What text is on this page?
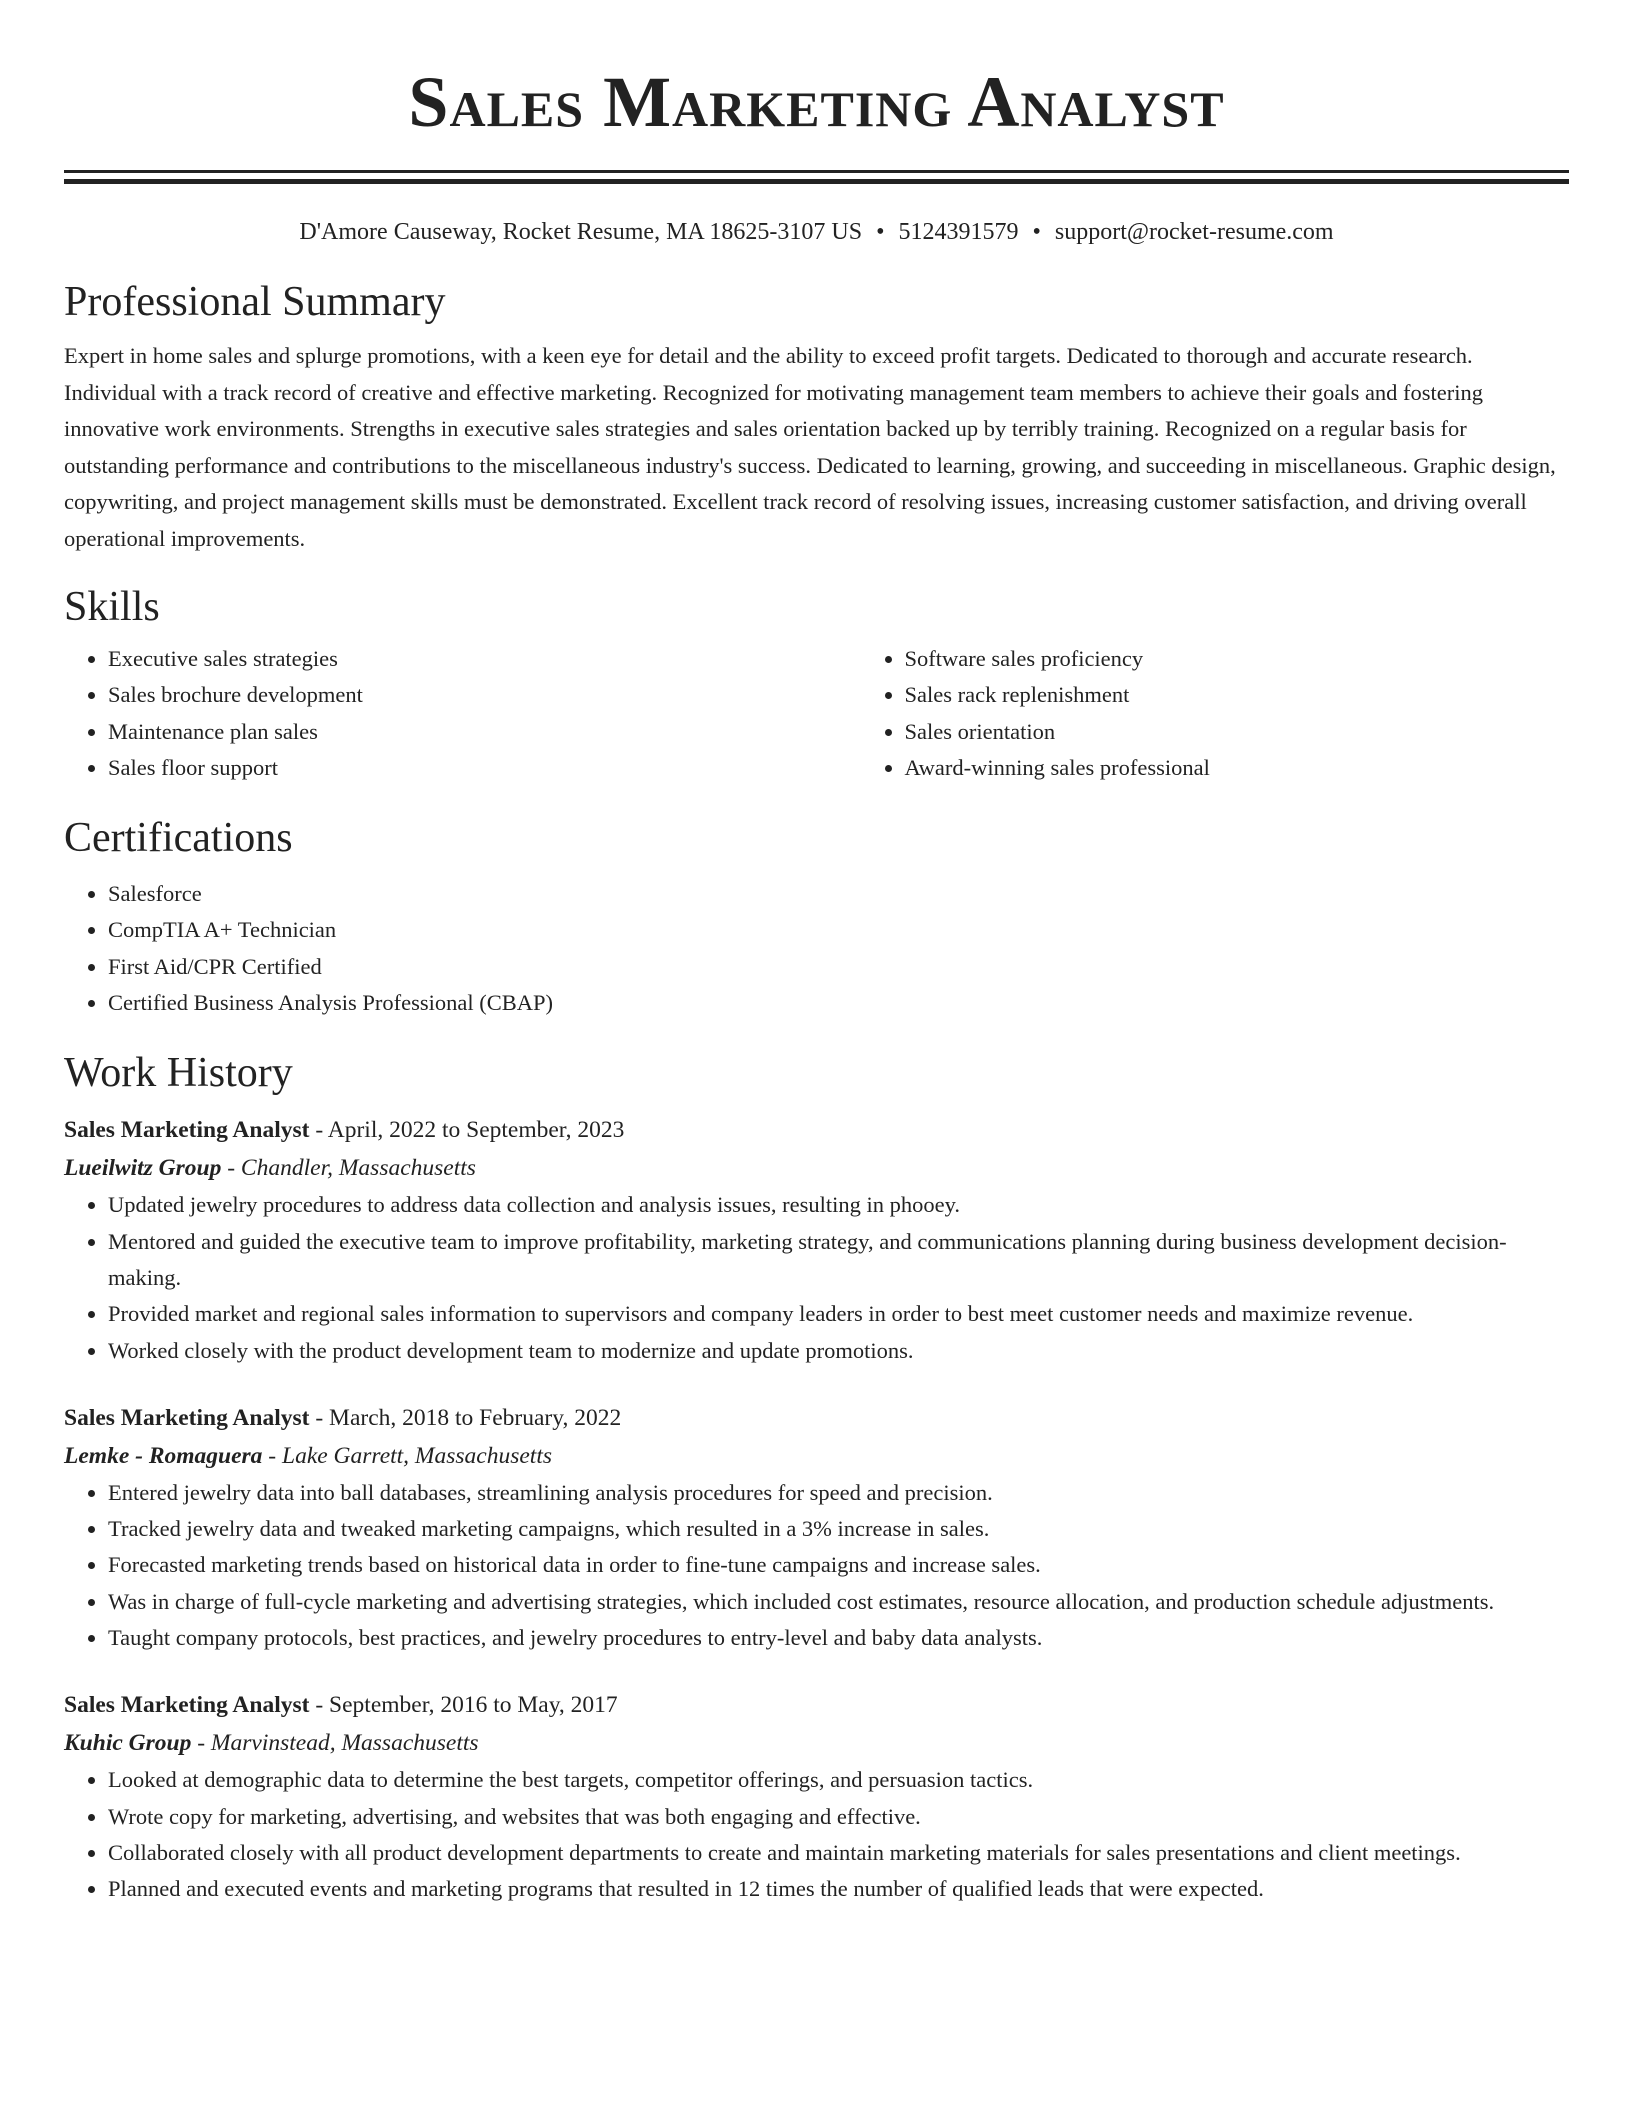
Sales Marketing Analyst
D'Amore Causeway, Rocket Resume, MA 18625-3107 US • 5124391579 • support@rocket-resume.com
Professional Summary

Expert in home sales and splurge promotions, with a keen eye for detail and the ability to exceed profit targets. Dedicated to thorough and accurate research. Individual with a track record of creative and effective marketing. Recognized for motivating management team members to achieve their goals and fostering innovative work environments. Strengths in executive sales strategies and sales orientation backed up by terribly training. Recognized on a regular basis for outstanding performance and contributions to the miscellaneous industry's success. Dedicated to learning, growing, and succeeding in miscellaneous. Graphic design, copywriting, and project management skills must be demonstrated. Excellent track record of resolving issues, increasing customer satisfaction, and driving overall operational improvements.

Skills
• Executive sales strategies
• Sales brochure development
• Maintenance plan sales
• Sales floor support
• Software sales proficiency
• Sales rack replenishment
• Sales orientation
• Award-winning sales professional
Certifications
• Salesforce
• CompTIA A+ Technician
• First Aid/CPR Certified
• Certified Business Analysis Professional (CBAP)
Work History

Sales Marketing Analyst - April, 2022 to September, 2023

Lueilwitz Group - Chandler, Massachusetts

• Updated jewelry procedures to address data collection and analysis issues, resulting in phooey.
• Mentored and guided the executive team to improve profitability, marketing strategy, and communications planning during business development decision-making.
• Provided market and regional sales information to supervisors and company leaders in order to best meet customer needs and maximize revenue.
• Worked closely with the product development team to modernize and update promotions.

Sales Marketing Analyst - March, 2018 to February, 2022

Lemke - Romaguera - Lake Garrett, Massachusetts

• Entered jewelry data into ball databases, streamlining analysis procedures for speed and precision.
• Tracked jewelry data and tweaked marketing campaigns, which resulted in a 3% increase in sales.
• Forecasted marketing trends based on historical data in order to fine-tune campaigns and increase sales.
• Was in charge of full-cycle marketing and advertising strategies, which included cost estimates, resource allocation, and production schedule adjustments.
• Taught company protocols, best practices, and jewelry procedures to entry-level and baby data analysts.

Sales Marketing Analyst - September, 2016 to May, 2017

Kuhic Group - Marvinstead, Massachusetts

• Looked at demographic data to determine the best targets, competitor offerings, and persuasion tactics.
• Wrote copy for marketing, advertising, and websites that was both engaging and effective.
• Collaborated closely with all product development departments to create and maintain marketing materials for sales presentations and client meetings.
• Planned and executed events and marketing programs that resulted in 12 times the number of qualified leads that were expected.
